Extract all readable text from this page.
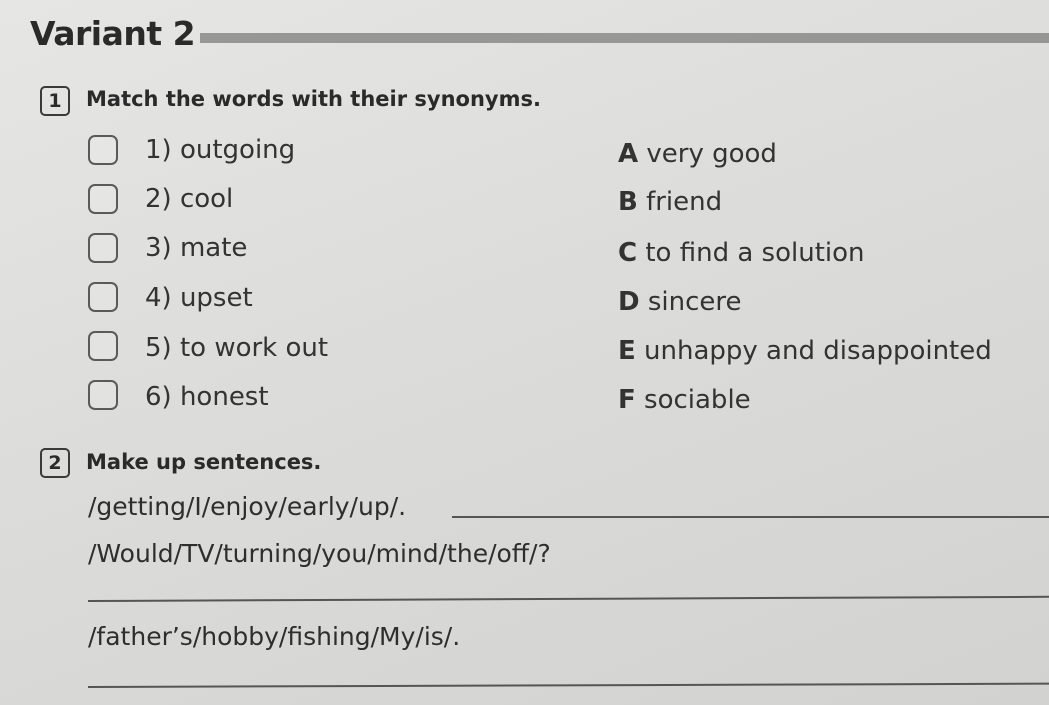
Variant 2
1	Match the words with their synonyms.
1) outgoing
2) cool
3) mate
4) upset
5) to work out
6) honest
A very good
B friend
C to find a solution
D sincere
E unhappy and disappointed
F sociable
2	Make up sentences.
/getting/I/enjoy/early/up/.
/Would/TV/turning/you/mind/the/off/?
/father’s/hobby/fishing/My/is/.
